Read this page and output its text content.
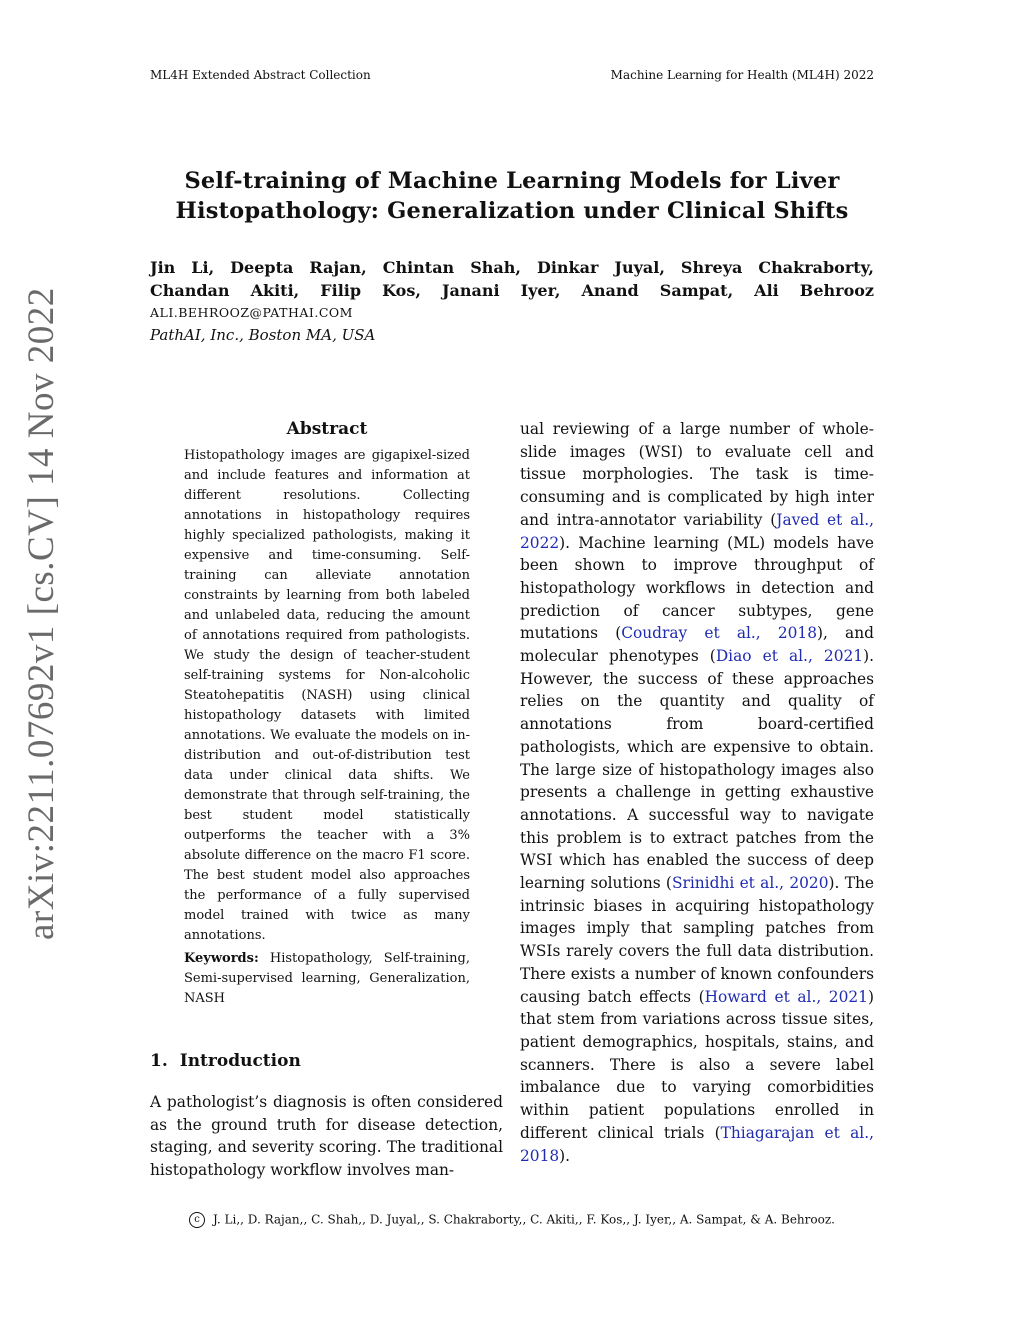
ML4H Extended Abstract Collection	Machine Learning for Health (ML4H) 2022
arXiv:2211.07692v1 [cs.CV] 14 Nov 2022
Self-training of Machine Learning Models for Liver
Histopathology: Generalization under Clinical Shifts
Jin Li, Deepta Rajan, Chintan Shah, Dinkar Juyal, Shreya Chakraborty,
Chandan Akiti, Filip Kos, Janani Iyer, Anand Sampat, Ali Behrooz
ALI.BEHROOZ@PATHAI.COM
PathAI, Inc., Boston MA, USA
Abstract
Histopathology images are gigapixel-sized and include features and information at different resolutions. Collecting annotations in histopathology requires highly specialized pathologists, making it expensive and time-consuming. Self-training can alleviate annotation constraints by learning from both labeled and unlabeled data, reducing the amount of annotations required from pathologists. We study the design of teacher-student self-training systems for Non-alcoholic Steatohepatitis (NASH) using clinical histopathology datasets with limited annotations. We evaluate the models on in-distribution and out-of-distribution test data under clinical data shifts. We demonstrate that through self-training, the best student model statistically outperforms the teacher with a 3% absolute difference on the macro F1 score. The best student model also approaches the performance of a fully supervised model trained with twice as many annotations.
Keywords: Histopathology, Self-training, Semi-supervised learning, Generalization, NASH
1. Introduction
A pathologist’s diagnosis is often considered as the ground truth for disease detection, staging, and severity scoring. The traditional histopathology workflow involves man-
ual reviewing of a large number of whole-slide images (WSI) to evaluate cell and tissue morphologies. The task is time-consuming and is complicated by high inter and intra-annotator variability (Javed et al., 2022). Machine learning (ML) models have been shown to improve throughput of histopathology workflows in detection and prediction of cancer subtypes, gene mutations (Coudray et al., 2018), and molecular phenotypes (Diao et al., 2021). However, the success of these approaches relies on the quantity and quality of annotations from board-certified pathologists, which are expensive to obtain. The large size of histopathology images also presents a challenge in getting exhaustive annotations. A successful way to navigate this problem is to extract patches from the WSI which has enabled the success of deep learning solutions (Srinidhi et al., 2020). The intrinsic biases in acquiring histopathology images imply that sampling patches from WSIs rarely covers the full data distribution. There exists a number of known confounders causing batch effects (Howard et al., 2021) that stem from variations across tissue sites, patient demographics, hospitals, stains, and scanners. There is also a severe label imbalance due to varying comorbidities within patient populations enrolled in different clinical trials (Thiagarajan et al., 2018).
c J. Li,, D. Rajan,, C. Shah,, D. Juyal,, S. Chakraborty,, C. Akiti,, F. Kos,, J. Iyer,, A. Sampat, & A. Behrooz.
